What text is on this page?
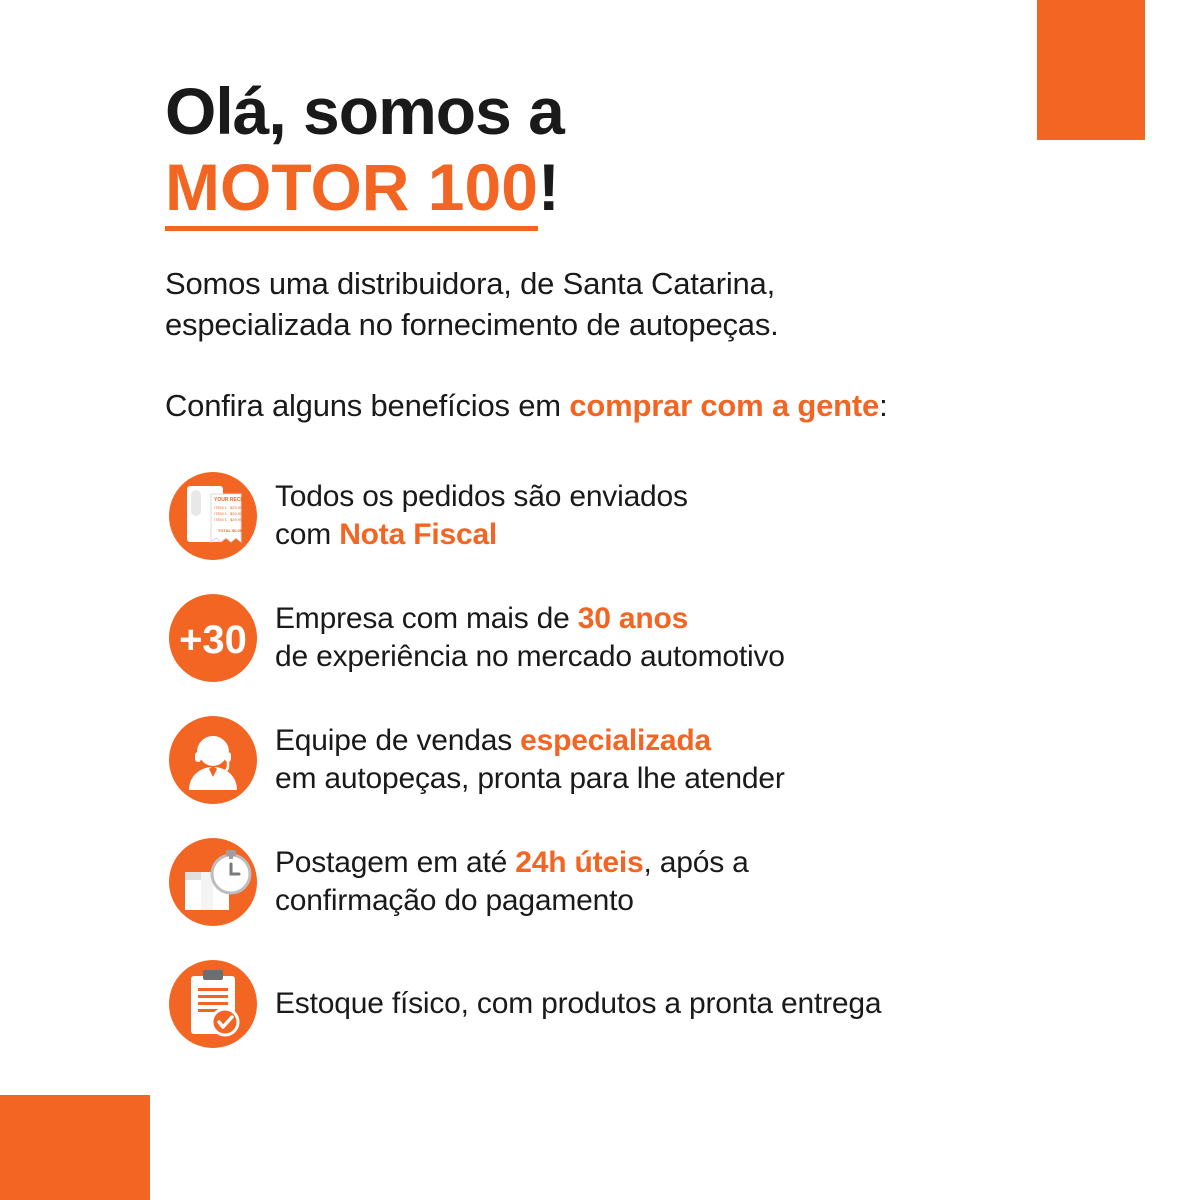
Olá, somos a
MOTOR 100!

Somos uma distribuidora, de Santa Catarina,
especializada no fornecimento de autopeças.

Confira alguns benefícios em comprar com a gente:

YOUR RECEIPT
ITEM 1 $29.99
ITEM 1 $29.99
ITEM 1 $29.99
TOTAL $0.00
Todos os pedidos são enviados
com Nota Fiscal
+30 Empresa com mais de 30 anos
de experiência no mercado automotivo
Equipe de vendas especializada
em autopeças, pronta para lhe atender
Postagem em até 24h úteis, após a
confirmação do pagamento
Estoque físico, com produtos a pronta entrega
